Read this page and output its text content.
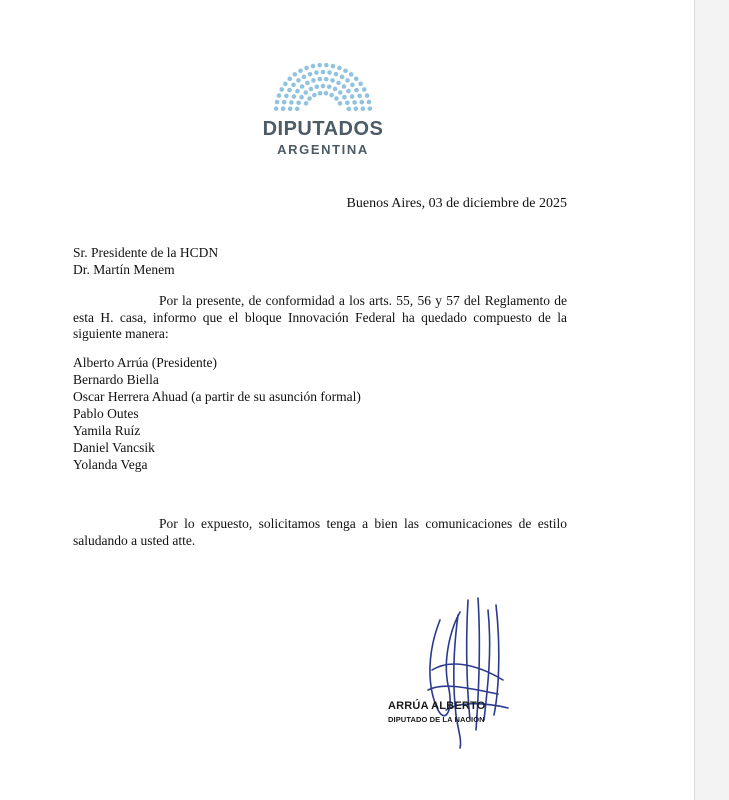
DIPUTADOS
ARGENTINA
Buenos Aires, 03 de diciembre de 2025
Sr. Presidente de la HCDN
Dr. Martín Menem
Por la presente, de conformidad a los arts. 55, 56 y 57 del Reglamento de esta H. casa, informo que el bloque Innovación Federal ha quedado compuesto de la siguiente manera:
Alberto Arrúa (Presidente)
Bernardo Biella
Oscar Herrera Ahuad (a partir de su asunción formal)
Pablo Outes
Yamila Ruíz
Daniel Vancsik
Yolanda Vega
Por lo expuesto, solicitamos tenga a bien las comunicaciones de estilo saludando a usted atte.
ARRÚA ALBERTO
DIPUTADO DE LA NACIÓN
